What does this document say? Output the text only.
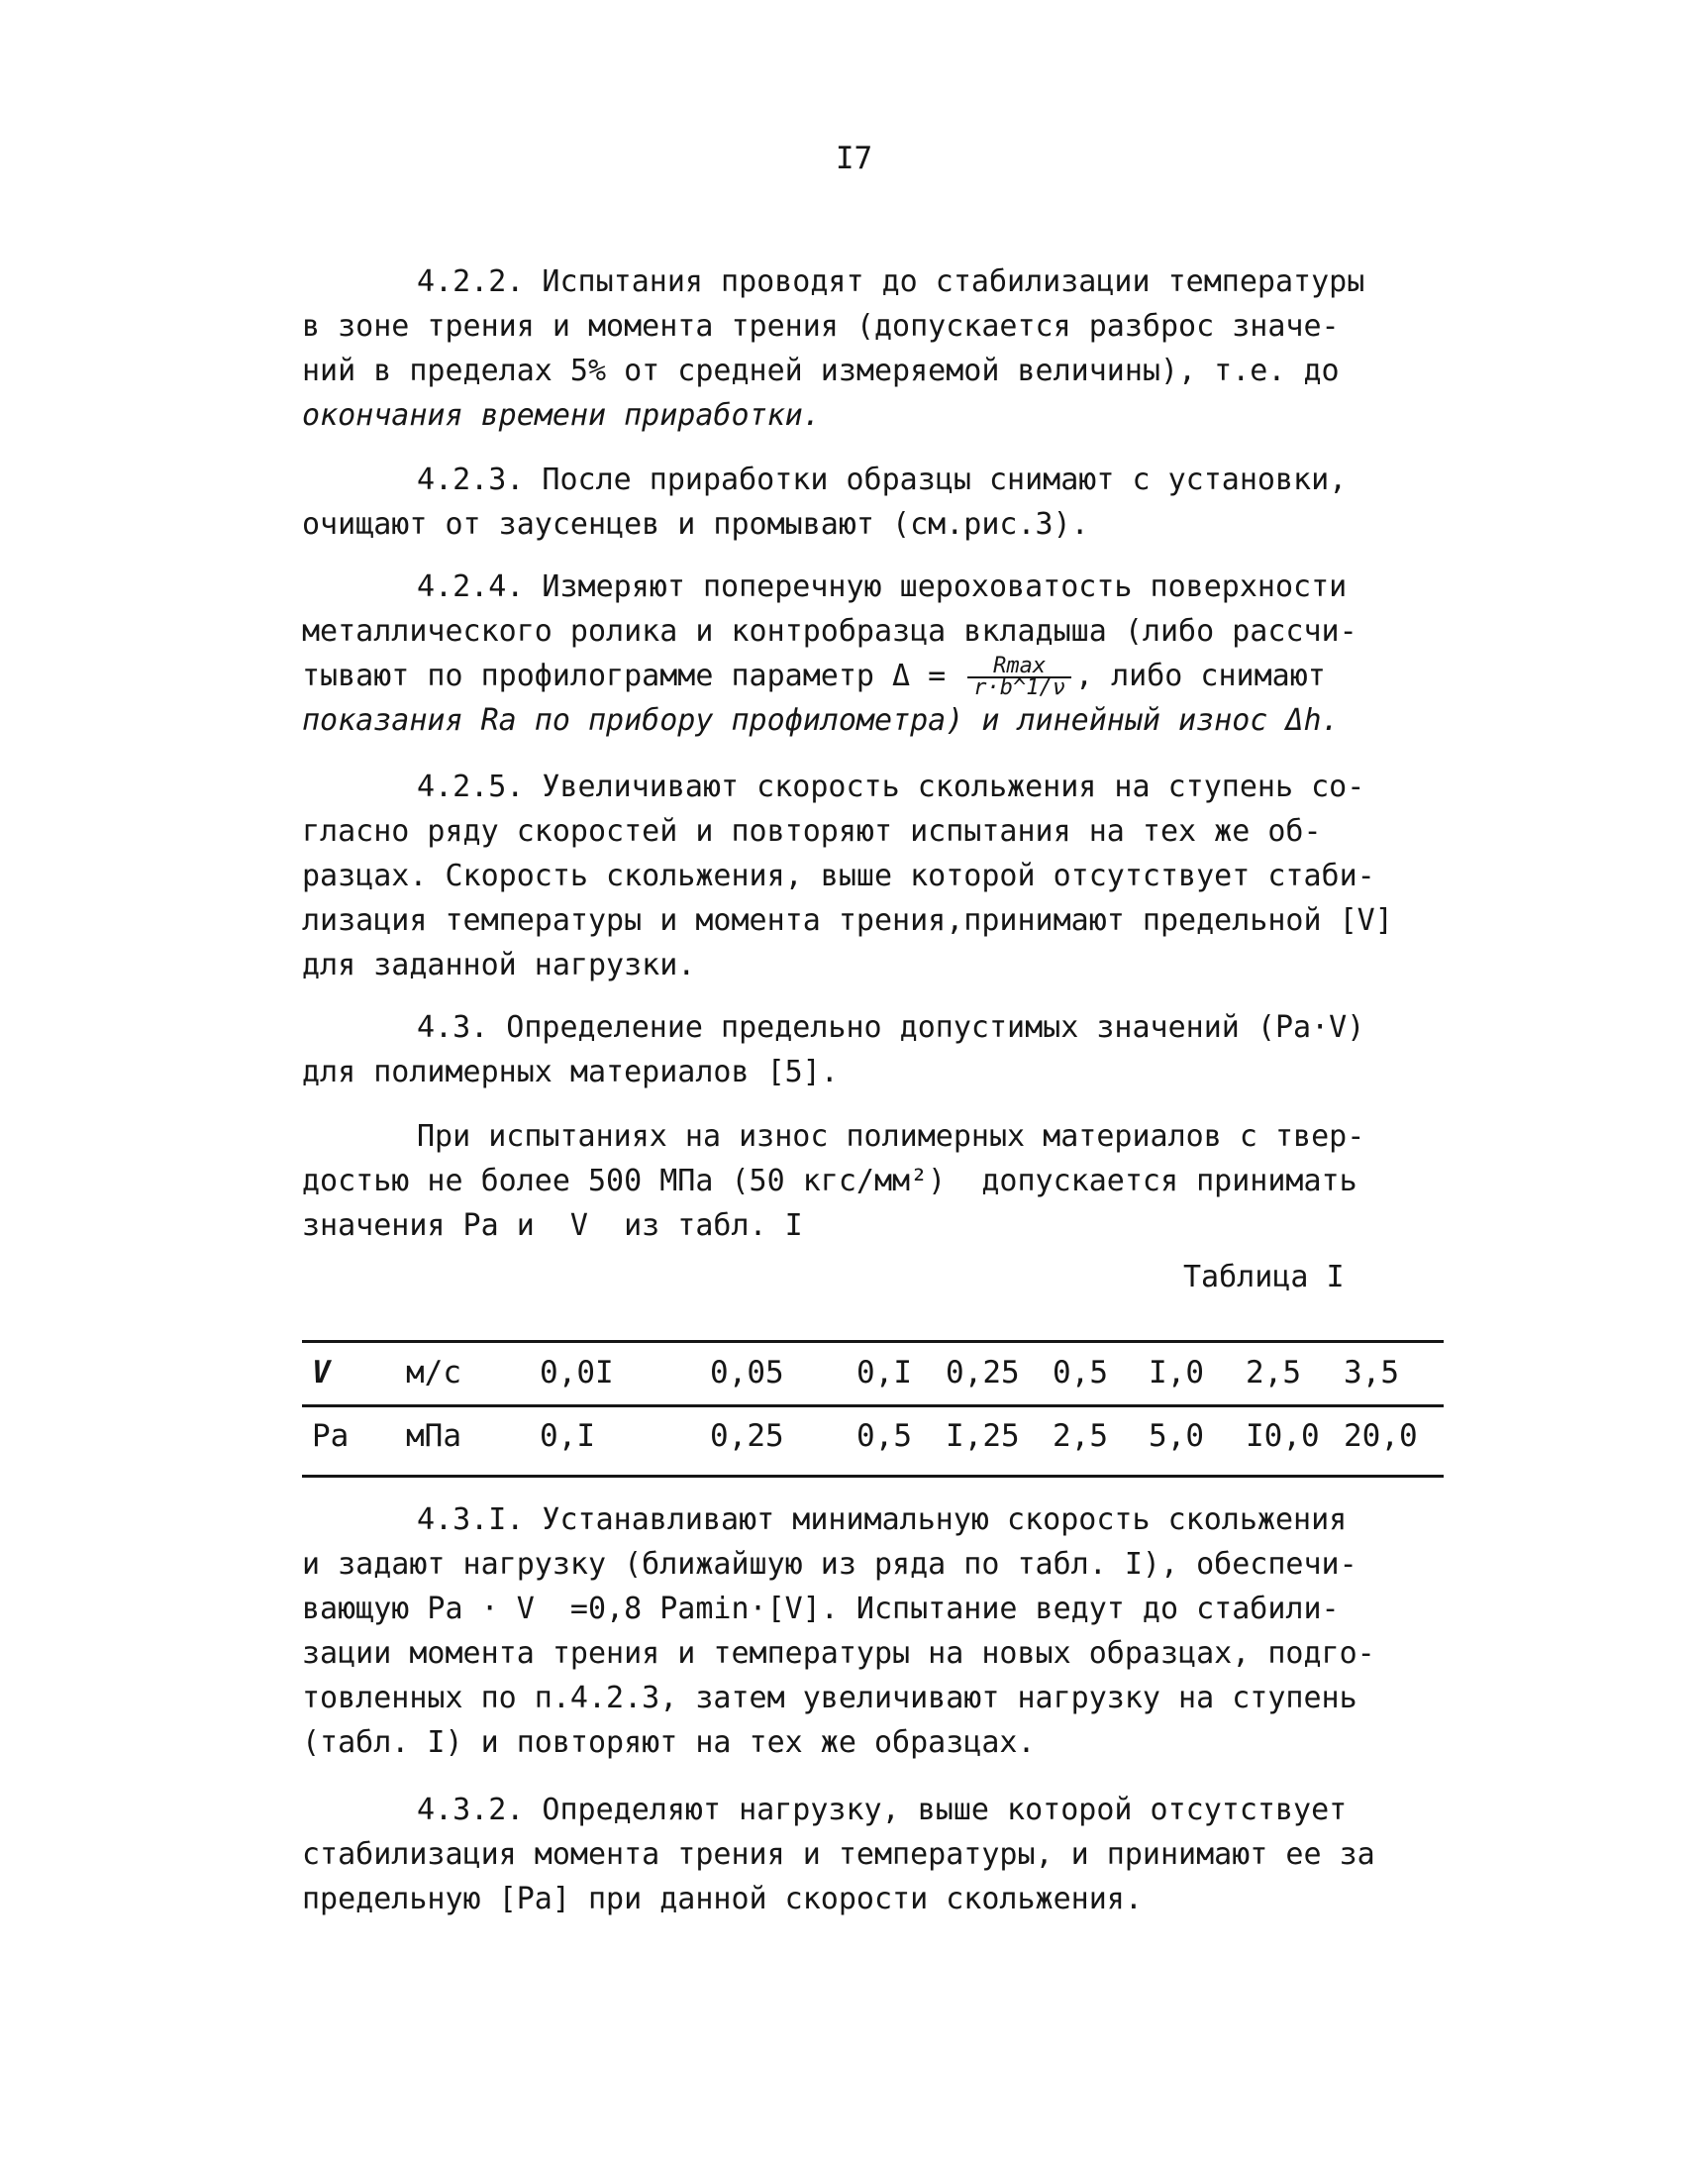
I7
4.2.2. Испытания проводят до стабилизации температуры
в зоне трения и момента трения (допускается разброс значе-
ний в пределах 5% от средней измеряемой величины), т.е. до
окончания времени приработки.
4.2.3. После приработки образцы снимают с установки,
очищают от заусенцев и промывают (см.рис.3).
4.2.4. Измеряют поперечную шероховатость поверхности
металлического ролика и контробразца вкладыша (либо рассчи-
тывают по профилограмме параметр $\Delta = \frac{Rmax}{r\cdot b\^{}1/\nu}$ , либо снимают
показания Ra по прибору профилометра) и линейный износ Δh.
4.2.5. Увеличивают скорость скольжения на ступень со-
гласно ряду скоростей и повторяют испытания на тех же об-
разцах. Скорость скольжения, выше которой отсутствует стаби-
лизация температуры и момента трения,принимают предельной [V]
для заданной нагрузки.
4.3. Определение предельно допустимых значений (Pa·V)
для полимерных материалов [5].
При испытаниях на износ полимерных материалов с твер-
достью не более 500 МПа (50 кгс/мм²)  допускается принимать
значения Ра и  V  из табл. I
Таблица I
V м/с	0,0I	0,05 0,I 0,25 0,5 I,0 2,5 3,5
Pa мПа	0,I	0,25 0,5 I,25 2,5 5,0 I0,0 20,0
4.3.I. Устанавливают минимальную скорость скольжения
и задают нагрузку (ближайшую из ряда по табл. I), обеспечи-
вающую Ра · V  =0,8 Раmin·[V]. Испытание ведут до стабили-
зации момента трения и температуры на новых образцах, подго-
товленных по п.4.2.3, затем увеличивают нагрузку на ступень
(табл. I) и повторяют на тех же образцах.
4.3.2. Определяют нагрузку, выше которой отсутствует
стабилизация момента трения и температуры, и принимают ее за
предельную [Ра] при данной скорости скольжения.
